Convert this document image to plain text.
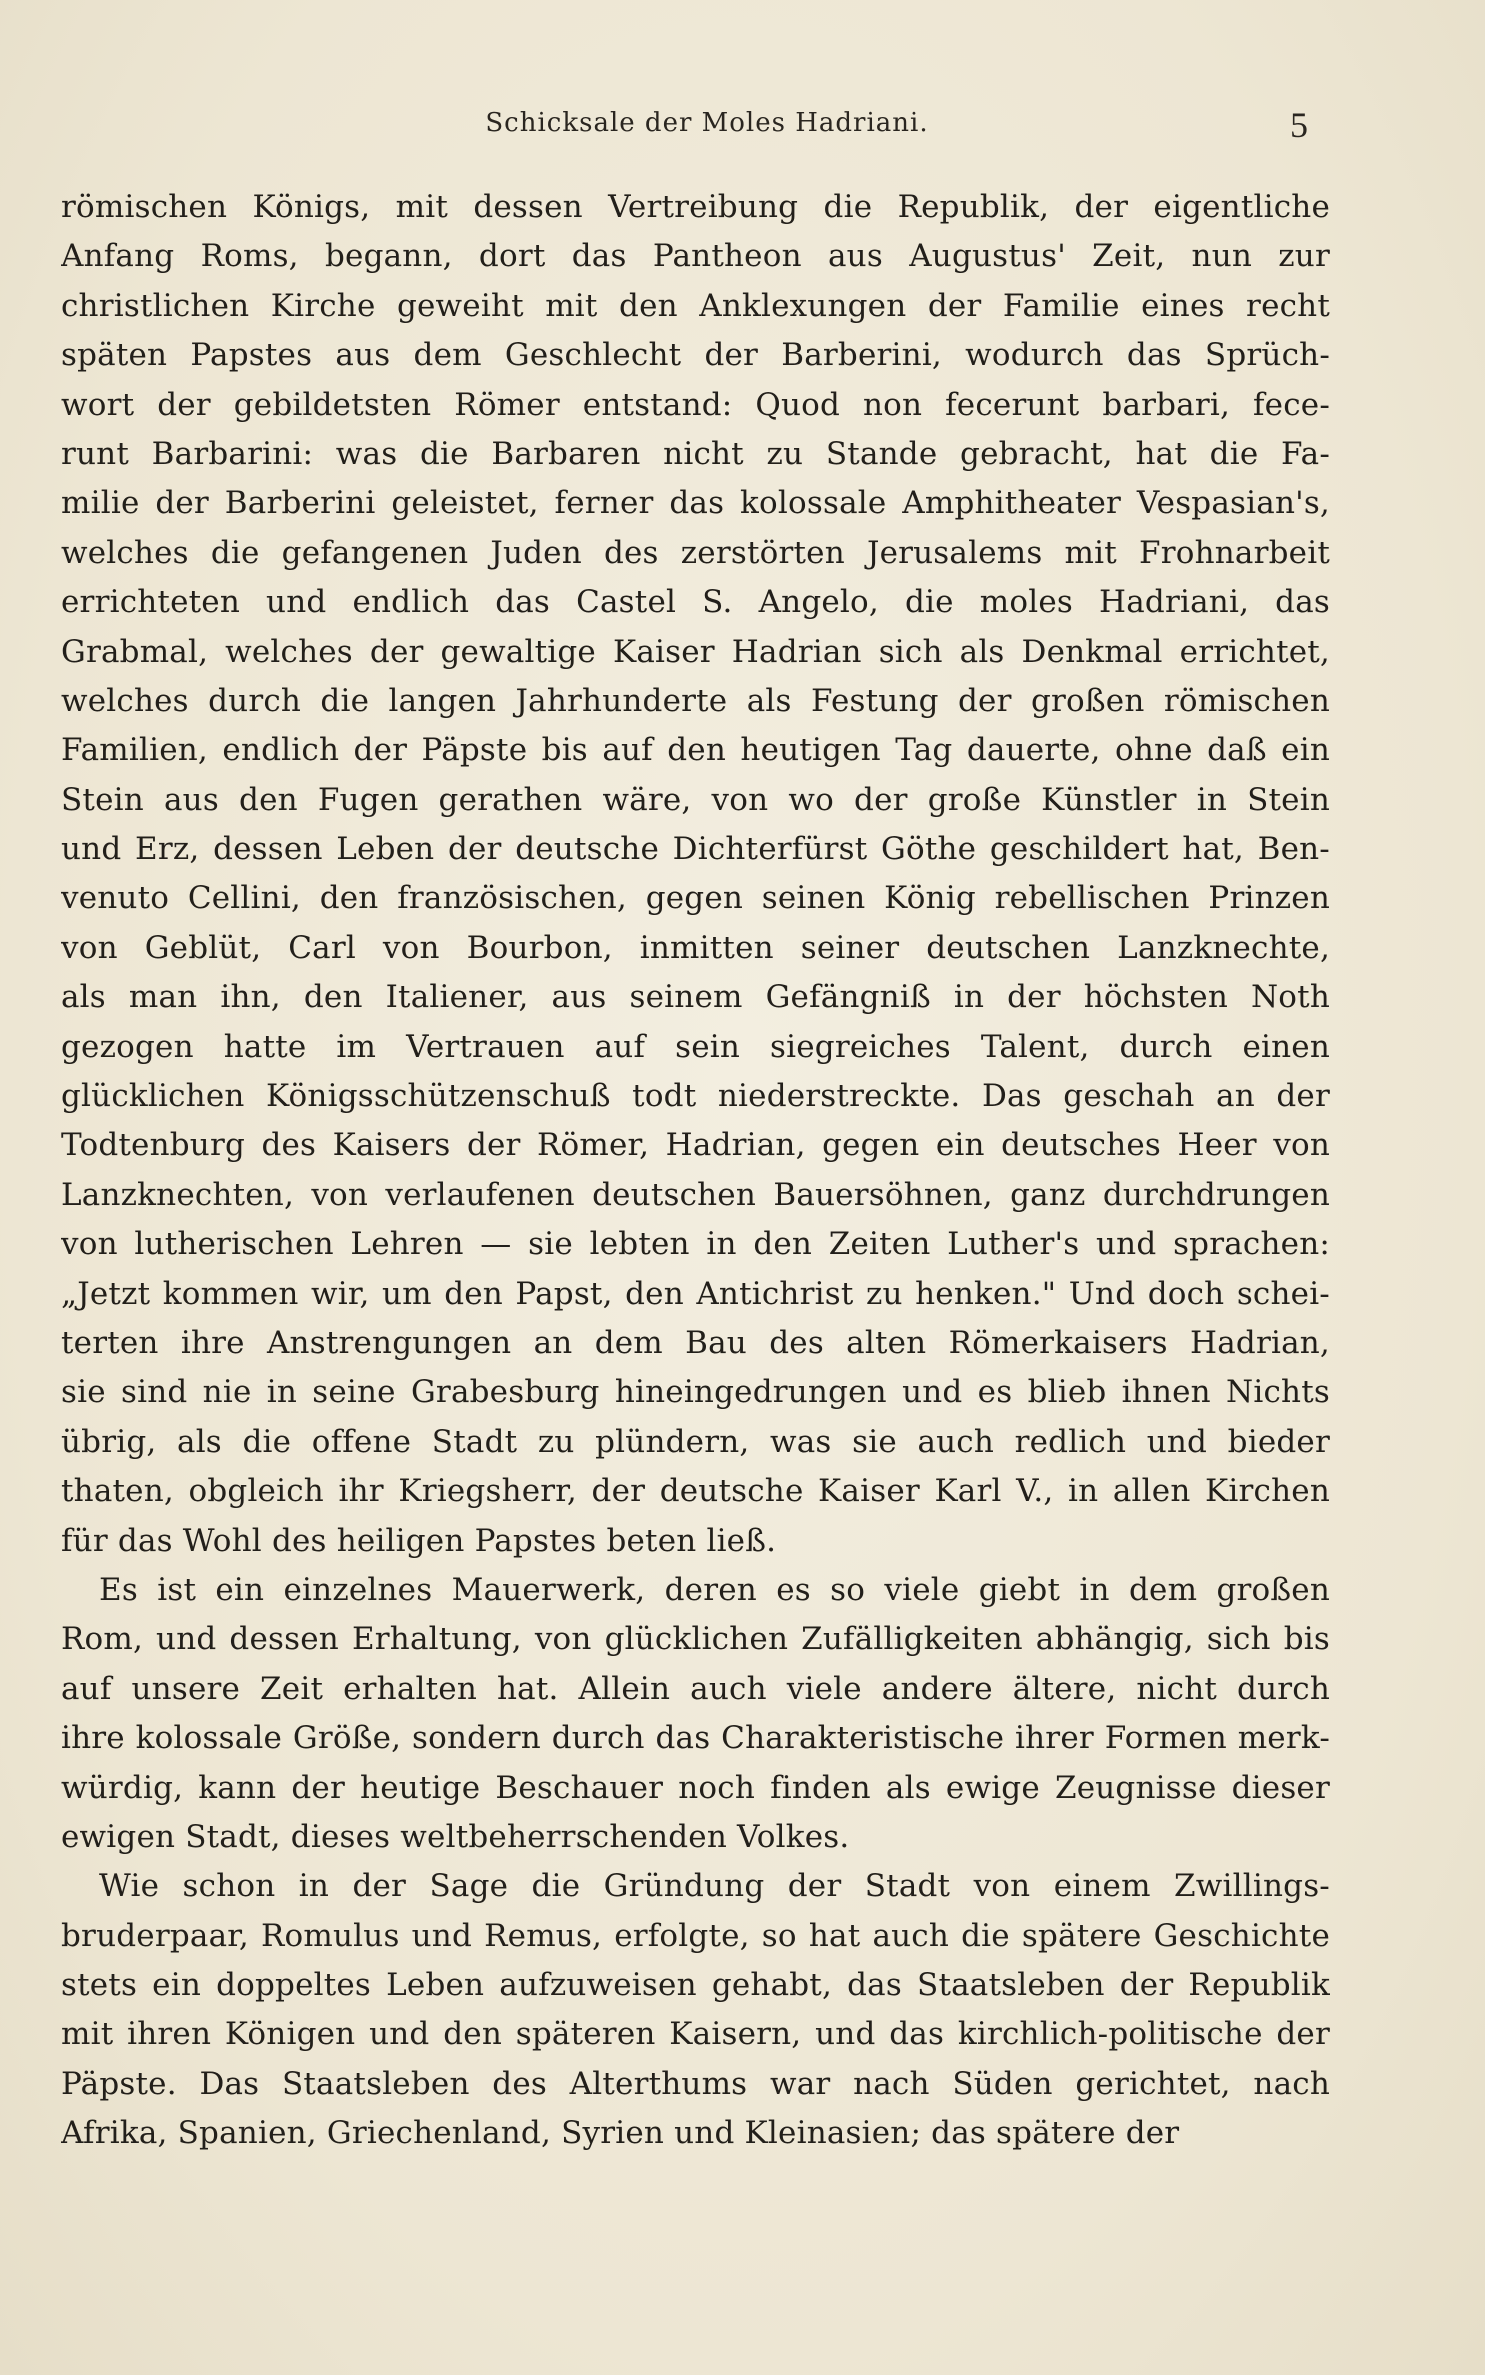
Schicksale der Moles Hadriani.	5
römischen Königs, mit dessen Vertreibung die Republik, der eigentliche
Anfang Roms, begann, dort das Pantheon aus Augustus' Zeit, nun zur
christlichen Kirche geweiht mit den Anklexungen der Familie eines recht
späten Papstes aus dem Geschlecht der Barberini, wodurch das Sprüch-
wort der gebildetsten Römer entstand: Quod non fecerunt barbari, fece-
runt Barbarini: was die Barbaren nicht zu Stande gebracht, hat die Fa-
milie der Barberini geleistet, ferner das kolossale Amphitheater Vespasian's,
welches die gefangenen Juden des zerstörten Jerusalems mit Frohnarbeit
errichteten und endlich das Castel S. Angelo, die moles Hadriani, das
Grabmal, welches der gewaltige Kaiser Hadrian sich als Denkmal errichtet,
welches durch die langen Jahrhunderte als Festung der großen römischen
Familien, endlich der Päpste bis auf den heutigen Tag dauerte, ohne daß ein
Stein aus den Fugen gerathen wäre, von wo der große Künstler in Stein
und Erz, dessen Leben der deutsche Dichterfürst Göthe geschildert hat, Ben-
venuto Cellini, den französischen, gegen seinen König rebellischen Prinzen
von Geblüt, Carl von Bourbon, inmitten seiner deutschen Lanzknechte,
als man ihn, den Italiener, aus seinem Gefängniß in der höchsten Noth
gezogen hatte im Vertrauen auf sein siegreiches Talent, durch einen
glücklichen Königsschützenschuß todt niederstreckte. Das geschah an der
Todtenburg des Kaisers der Römer, Hadrian, gegen ein deutsches Heer von
Lanzknechten, von verlaufenen deutschen Bauersöhnen, ganz durchdrungen
von lutherischen Lehren — sie lebten in den Zeiten Luther's und sprachen:
„Jetzt kommen wir, um den Papst, den Antichrist zu henken." Und doch schei-
terten ihre Anstrengungen an dem Bau des alten Römerkaisers Hadrian,
sie sind nie in seine Grabesburg hineingedrungen und es blieb ihnen Nichts
übrig, als die offene Stadt zu plündern, was sie auch redlich und bieder
thaten, obgleich ihr Kriegsherr, der deutsche Kaiser Karl V., in allen Kirchen
für das Wohl des heiligen Papstes beten ließ.
Es ist ein einzelnes Mauerwerk, deren es so viele giebt in dem großen
Rom, und dessen Erhaltung, von glücklichen Zufälligkeiten abhängig, sich bis
auf unsere Zeit erhalten hat. Allein auch viele andere ältere, nicht durch
ihre kolossale Größe, sondern durch das Charakteristische ihrer Formen merk-
würdig, kann der heutige Beschauer noch finden als ewige Zeugnisse dieser
ewigen Stadt, dieses weltbeherrschenden Volkes.
Wie schon in der Sage die Gründung der Stadt von einem Zwillings-
bruderpaar, Romulus und Remus, erfolgte, so hat auch die spätere Geschichte
stets ein doppeltes Leben aufzuweisen gehabt, das Staatsleben der Republik
mit ihren Königen und den späteren Kaisern, und das kirchlich-politische der
Päpste. Das Staatsleben des Alterthums war nach Süden gerichtet, nach
Afrika, Spanien, Griechenland, Syrien und Kleinasien; das spätere der
